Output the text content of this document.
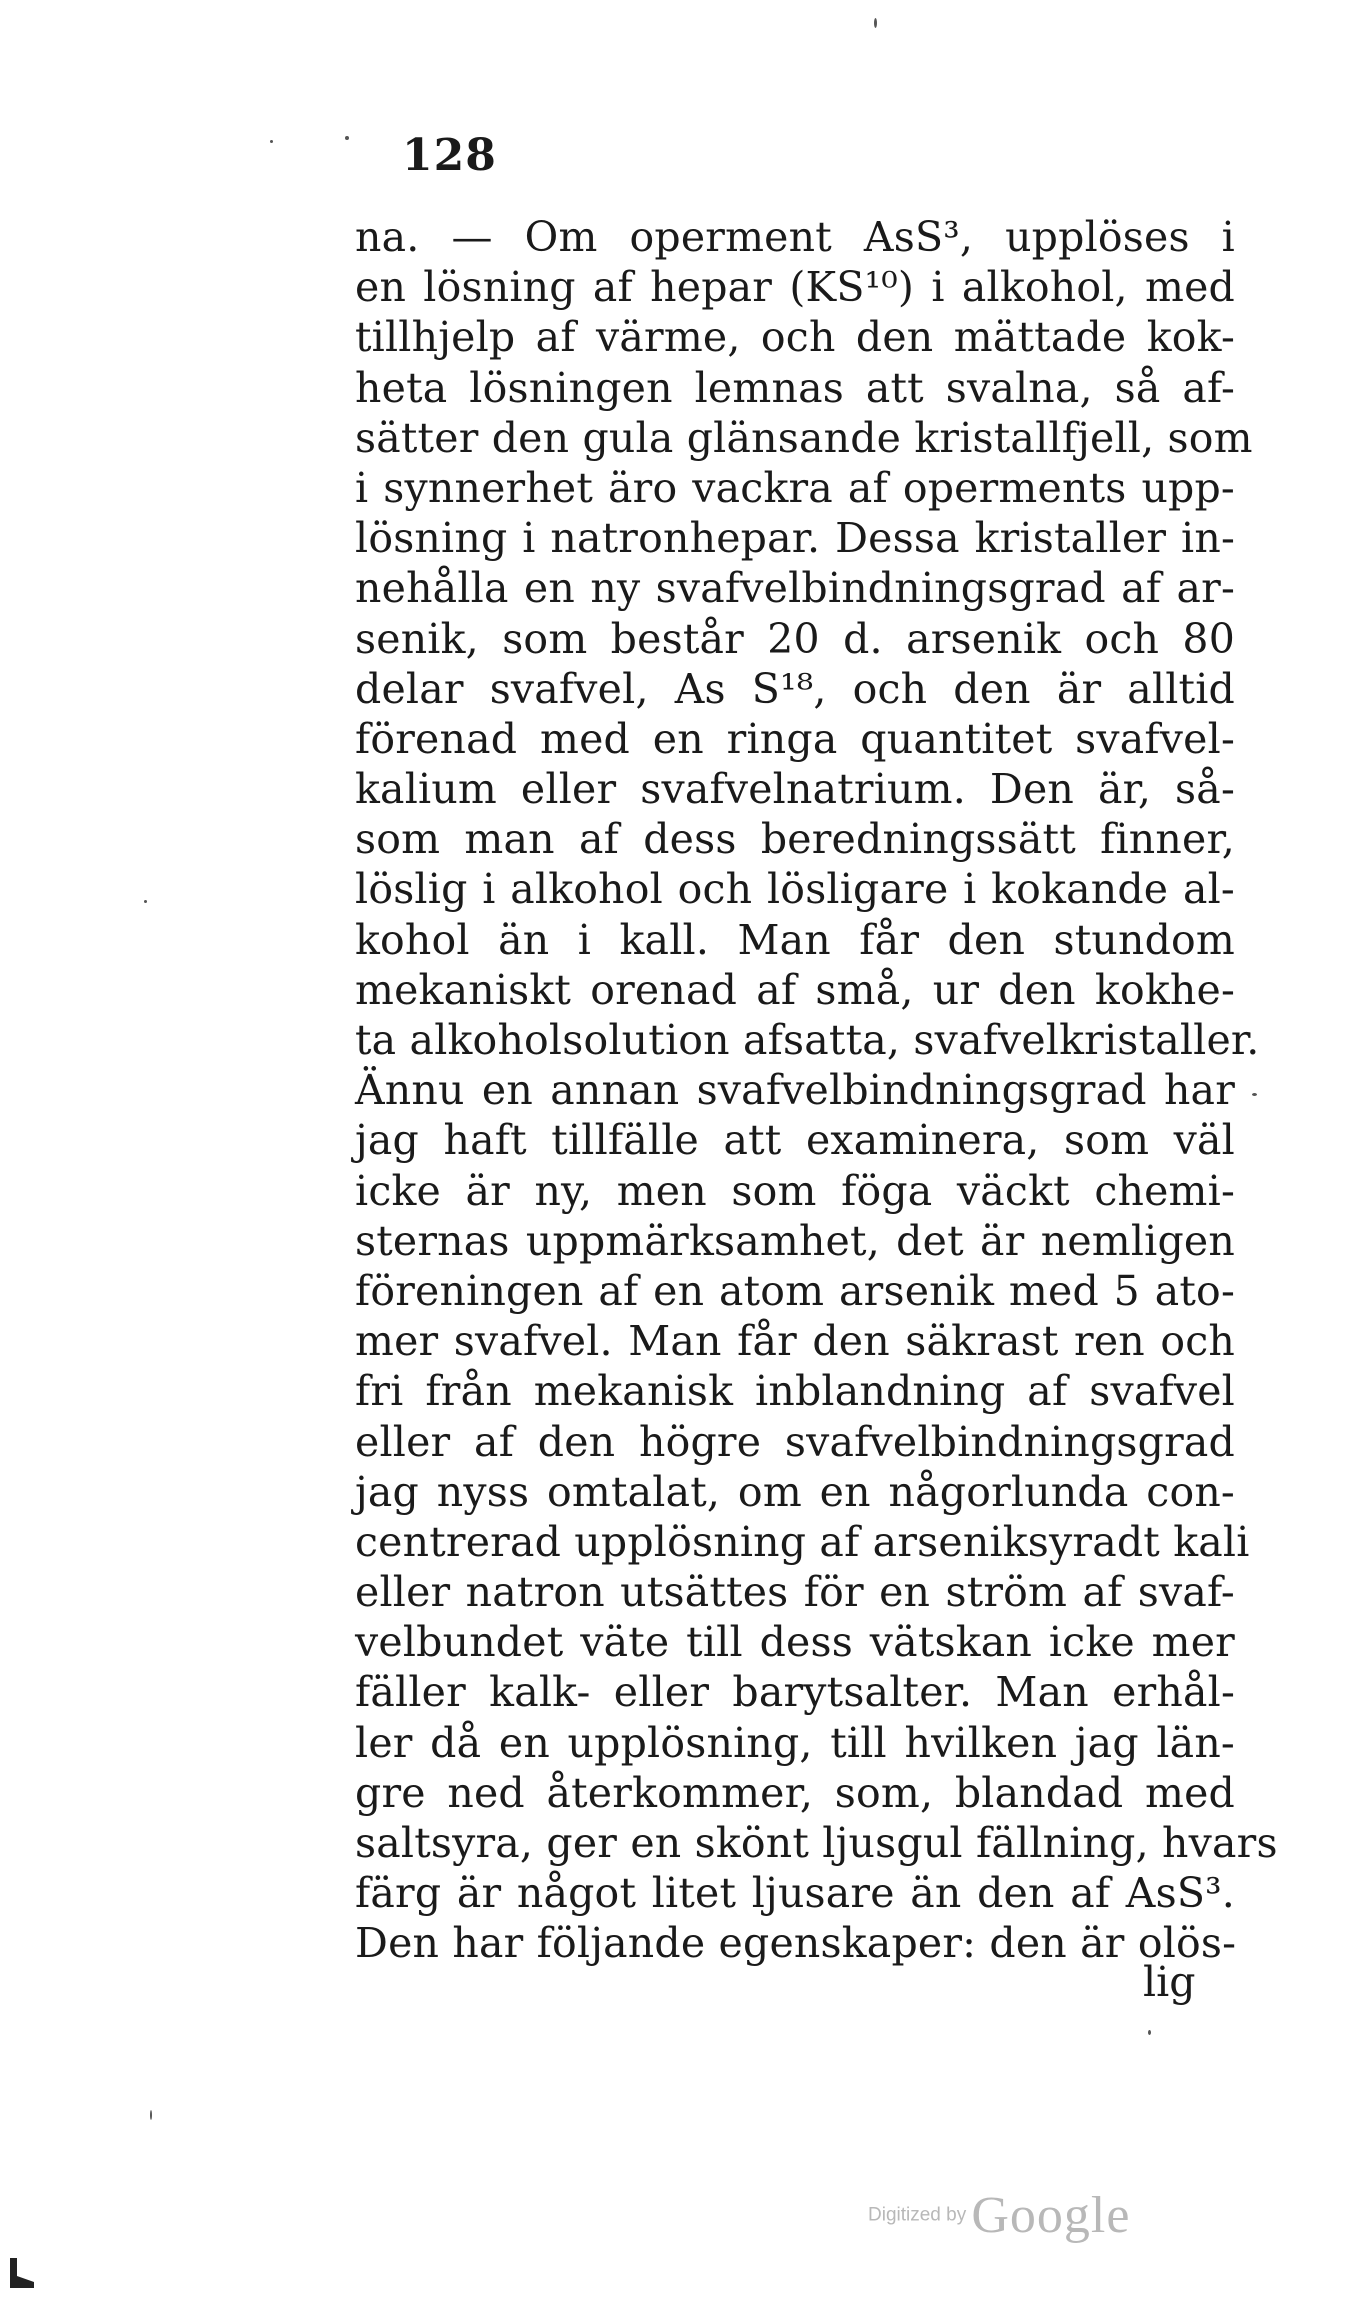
128
na. — Om operment AsS³, upplöses i
en lösning af hepar (KS¹⁰) i alkohol, med
tillhjelp af värme, och den mättade kok-
heta lösningen lemnas att svalna, så af-
sätter den gula glänsande kristallfjell, som
i synnerhet äro vackra af operments upp-
lösning i natronhepar. Dessa kristaller in-
nehålla en ny svafvelbindningsgrad af ar-
senik, som består 20 d. arsenik och 80
delar svafvel, As S¹⁸, och den är alltid
förenad med en ringa quantitet svafvel-
kalium eller svafvelnatrium. Den är, så-
som man af dess beredningssätt finner,
löslig i alkohol och lösligare i kokande al-
kohol än i kall. Man får den stundom
mekaniskt orenad af små, ur den kokhe-
ta alkoholsolution afsatta, svafvelkristaller.
Ännu en annan svafvelbindningsgrad har
jag haft tillfälle att examinera, som väl
icke är ny, men som föga väckt chemi-
sternas uppmärksamhet, det är nemligen
föreningen af en atom arsenik med 5 ato-
mer svafvel. Man får den säkrast ren och
fri från mekanisk inblandning af svafvel
eller af den högre svafvelbindningsgrad
jag nyss omtalat, om en någorlunda con-
centrerad upplösning af arseniksyradt kali
eller natron utsättes för en ström af svaf-
velbundet väte till dess vätskan icke mer
fäller kalk- eller barytsalter. Man erhål-
ler då en upplösning, till hvilken jag län-
gre ned återkommer, som, blandad med
saltsyra, ger en skönt ljusgul fällning, hvars
färg är något litet ljusare än den af AsS³.
Den har följande egenskaper: den är olös-
lig
Digitized by Google
